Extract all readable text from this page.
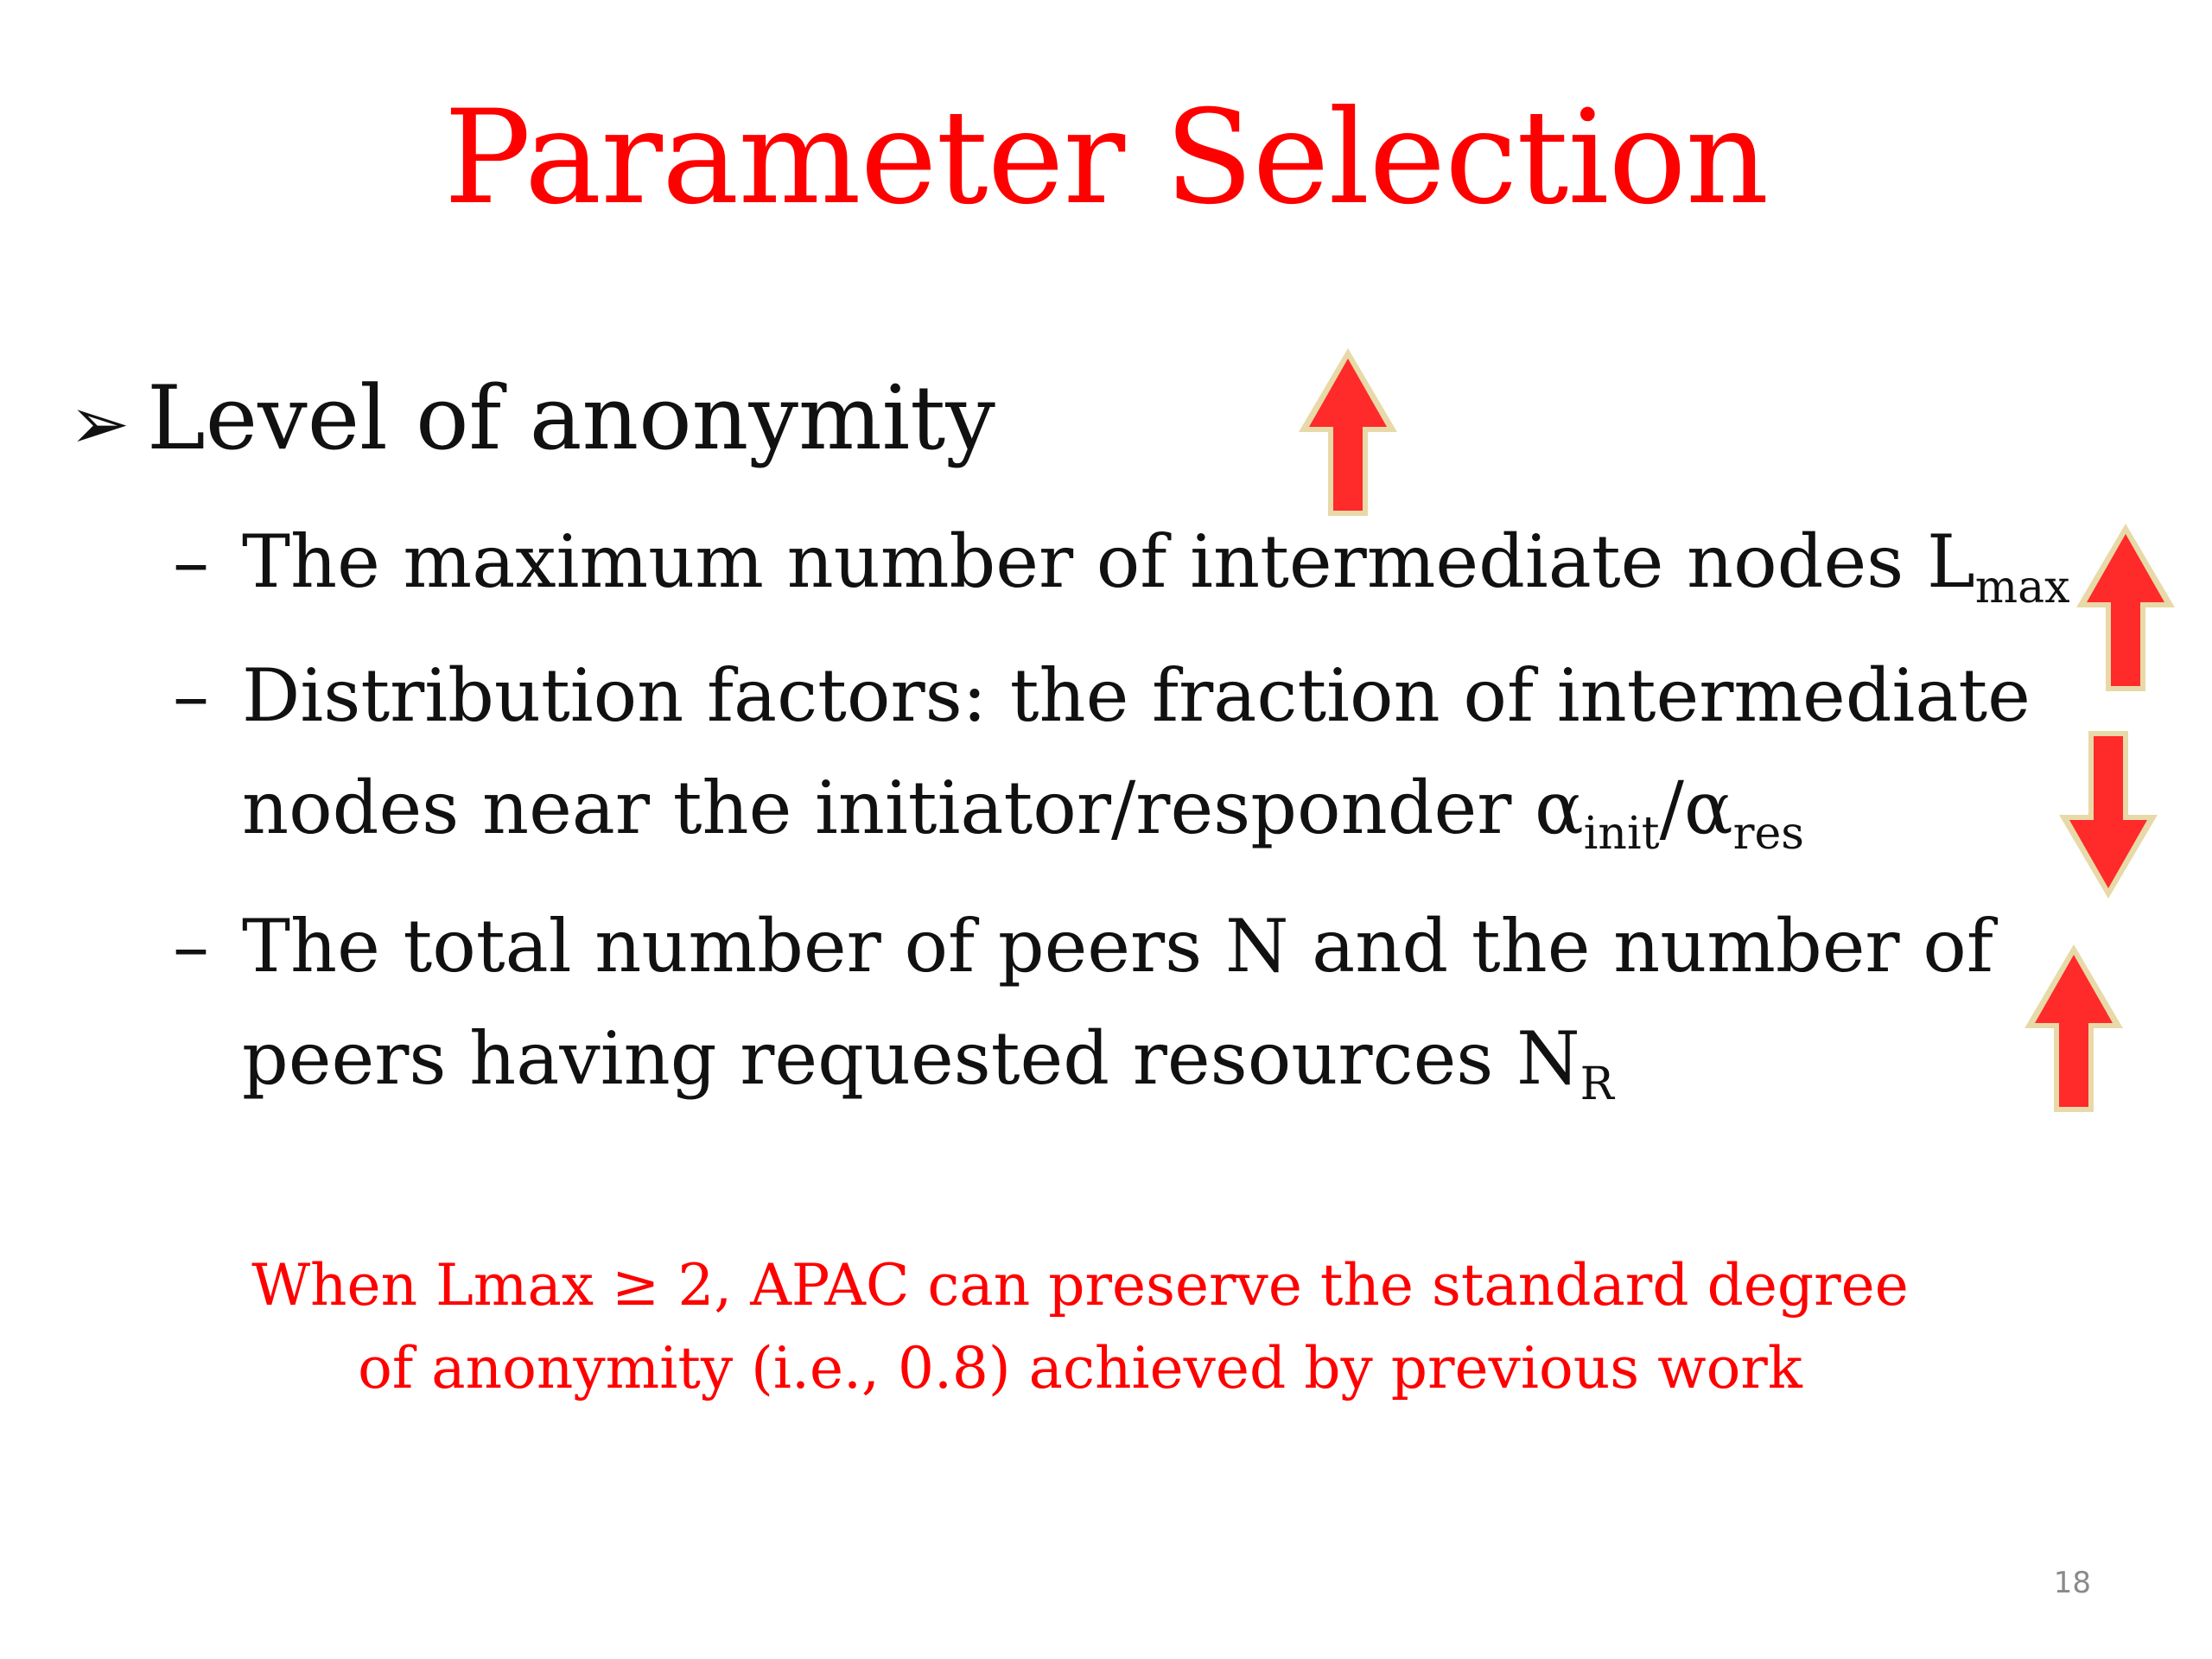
Parameter Selection
➢ Level of anonymity
– The maximum number of intermediate nodes $L_{max}$
– Distribution factors: the fraction of intermediate
nodes near the initiator/responder $\alpha_{init}/\alpha_{res}$
– The total number of peers N and the number of
peers having requested resources $N_R$
When Lmax ≥ 2, APAC can preserve the standard degree
of anonymity (i.e., 0.8) achieved by previous work
18
